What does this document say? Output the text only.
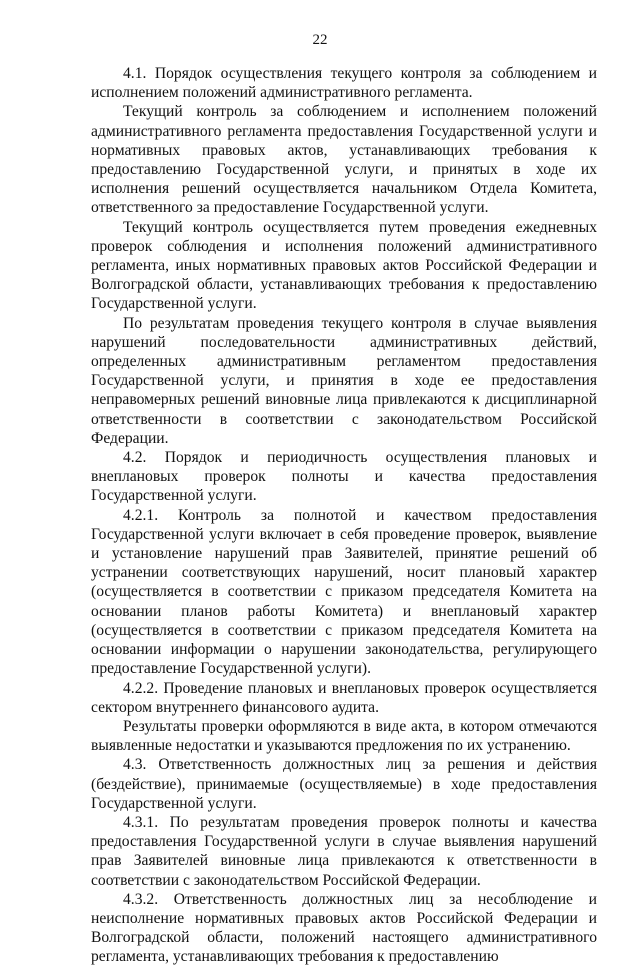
22

4.1. Порядок осуществления текущего контроля за соблюдением и исполнением положений административного регламента.

Текущий контроль за соблюдением и исполнением положений административного регламента предоставления Государственной услуги и нормативных правовых актов, устанавливающих требования к предоставлению Государственной услуги, и принятых в ходе их исполнения решений осуществляется начальником Отдела Комитета, ответственного за предоставление Государственной услуги.

Текущий контроль осуществляется путем проведения ежедневных проверок соблюдения и исполнения положений административного регламента, иных нормативных правовых актов Российской Федерации и Волгоградской области, устанавливающих требования к предоставлению Государственной услуги.

По результатам проведения текущего контроля в случае выявления нарушений последовательности административных действий, определенных административным регламентом предоставления Государственной услуги, и принятия в ходе ее предоставления неправомерных решений виновные лица привлекаются к дисциплинарной ответственности в соответствии с законодательством Российской Федерации.

4.2. Порядок и периодичность осуществления плановых и внеплановых проверок полноты и качества предоставления Государственной услуги.

4.2.1. Контроль за полнотой и качеством предоставления Государственной услуги включает в себя проведение проверок, выявление и установление нарушений прав Заявителей, принятие решений об устранении соответствующих нарушений, носит плановый характер (осуществляется в соответствии с приказом председателя Комитета на основании планов работы Комитета) и внеплановый характер (осуществляется в соответствии с приказом председателя Комитета на основании информации о нарушении законодательства, регулирующего предоставление Государственной услуги).

4.2.2. Проведение плановых и внеплановых проверок осуществляется сектором внутреннего финансового аудита.

Результаты проверки оформляются в виде акта, в котором отмечаются выявленные недостатки и указываются предложения по их устранению.

4.3. Ответственность должностных лиц за решения и действия (бездействие), принимаемые (осуществляемые) в ходе предоставления Государственной услуги.

4.3.1. По результатам проведения проверок полноты и качества предоставления Государственной услуги в случае выявления нарушений прав Заявителей виновные лица привлекаются к ответственности в соответствии с законодательством Российской Федерации.

4.3.2. Ответственность должностных лиц за несоблюдение и неисполнение нормативных правовых актов Российской Федерации и Волгоградской области, положений настоящего административного регламента, устанавливающих требования к предоставлению
